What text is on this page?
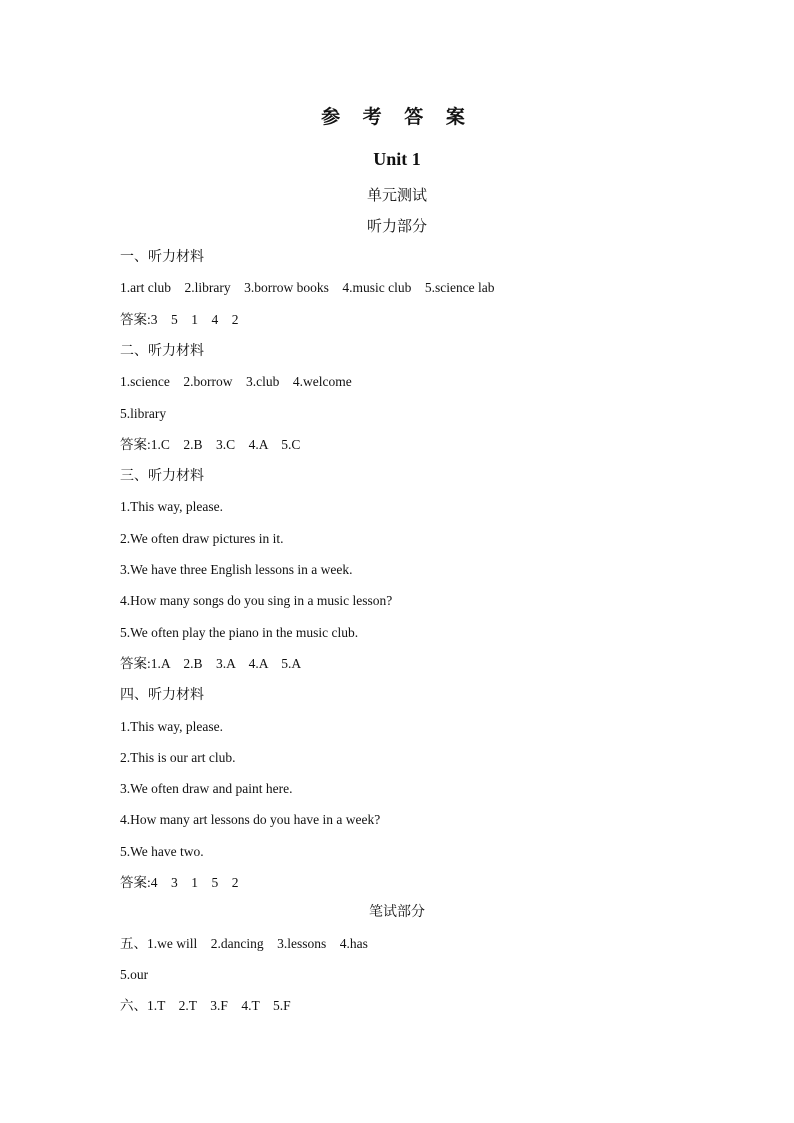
参 考 答 案
Unit 1
单元测试
听力部分
一、听力材料
1.art club    2.library    3.borrow books    4.music club    5.science lab
答案:3    5    1    4    2
二、听力材料
1.science    2.borrow    3.club    4.welcome
5.library
答案:1.C    2.B    3.C    4.A    5.C
三、听力材料
1.This way, please.
2.We often draw pictures in it.
3.We have three English lessons in a week.
4.How many songs do you sing in a music lesson?
5.We often play the piano in the music club.
答案:1.A    2.B    3.A    4.A    5.A
四、听力材料
1.This way, please.
2.This is our art club.
3.We often draw and paint here.
4.How many art lessons do you have in a week?
5.We have two.
答案:4    3    1    5    2
笔试部分
五、1.we will    2.dancing    3.lessons    4.has
5.our
六、1.T    2.T    3.F    4.T    5.F
